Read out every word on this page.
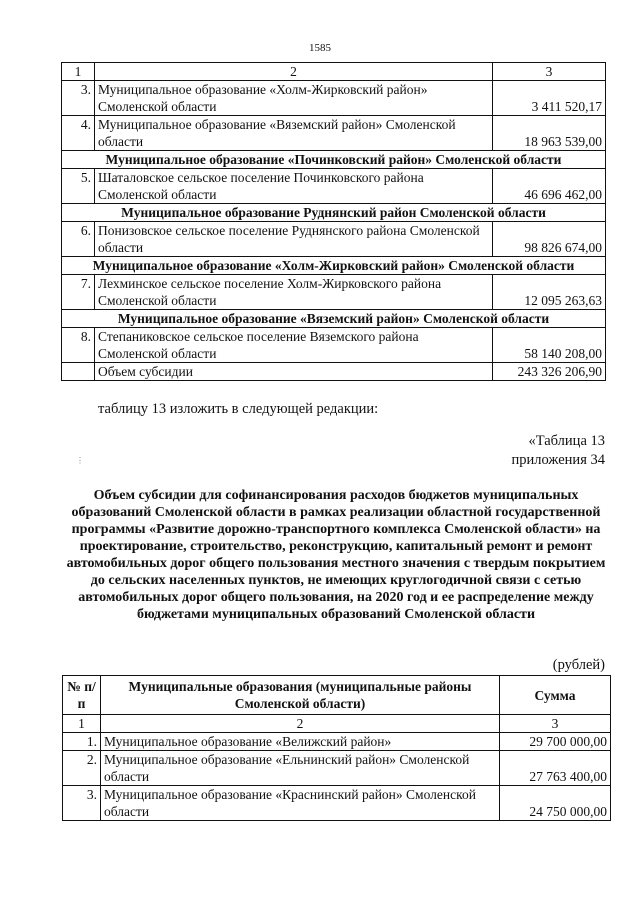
1585
1	2	3
3.	Муниципальное образование «Холм-Жирковский район» Смоленской области	3 411 520,17
4.	Муниципальное образование «Вяземский район» Смоленской области	18 963 539,00
Муниципальное образование «Починковский район» Смоленской области		
5.	Шаталовское сельское поселение Починковского района Смоленской области	46 696 462,00
Муниципальное образование Руднянский район Смоленской области		
6.	Понизовское сельское поселение Руднянского района Смоленской области	98 826 674,00
Муниципальное образование «Холм-Жирковский район» Смоленской области		
7.	Лехминское сельское поселение Холм-Жирковского района Смоленской области	12 095 263,63
Муниципальное образование «Вяземский район» Смоленской области		
8.	Степаниковское сельское поселение Вяземского района Смоленской области	58 140 208,00
	Объем субсидии	243 326 206,90
таблицу 13 изложить в следующей редакции:
⋮
«Таблица 13
приложения 34
Объем субсидии для софинансирования расходов бюджетов муниципальных образований Смоленской области в рамках реализации областной государственной программы «Развитие дорожно-транспортного комплекса Смоленской области» на проектирование, строительство, реконструкцию, капитальный ремонт и ремонт автомобильных дорог общего пользования местного значения с твердым покрытием до сельских населенных пунктов, не имеющих круглогодичной связи с сетью автомобильных дорог общего пользования, на 2020 год и ее распределение между бюджетами муниципальных образований Смоленской области
(рублей)
№ п/п	Муниципальные образования (муниципальные районы Смоленской области)	Сумма
1	2	3
1.	Муниципальное образование «Велижский район»	29 700 000,00
2.	Муниципальное образование «Ельнинский район» Смоленской области	27 763 400,00
3.	Муниципальное образование «Краснинский район» Смоленской области	24 750 000,00
